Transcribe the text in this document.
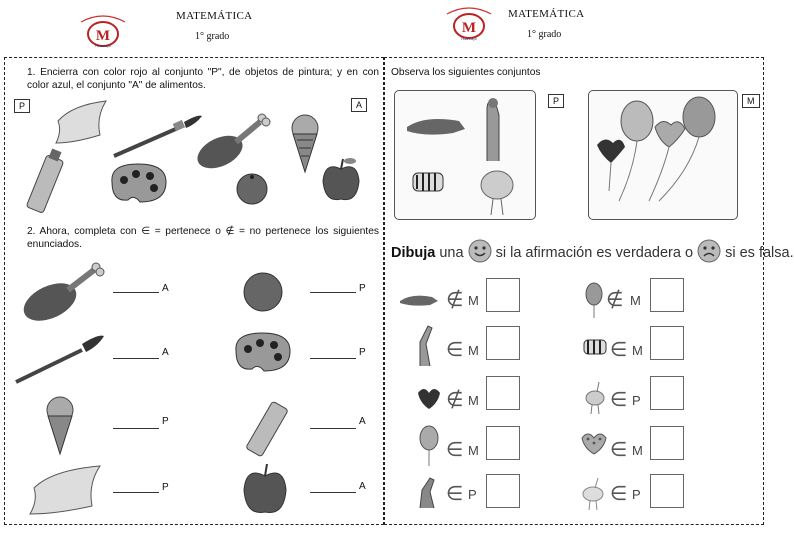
M
Huancayo
MATEMÁTICA
1° grado
M
Huancayo
MATEMÁTICA
1° grado
1. Encierra con color rojo al conjunto "P", de objetos de pintura; y en con color azul, el conjunto "A" de alimentos.
P	A
2. Ahora, completa con ∈ = pertenece o ∉ = no pertenece los siguientes enunciados.
A
A
P
P
P
P
A
A
Observa los siguientes conjuntos
P	M
Dibuja una  si la afirmación es verdadera o  si es falsa.
∉ M
∈ M
∉ M
∈ M
∈ P
∉ M
∈ M
∈ P
∈ M
∈ P
